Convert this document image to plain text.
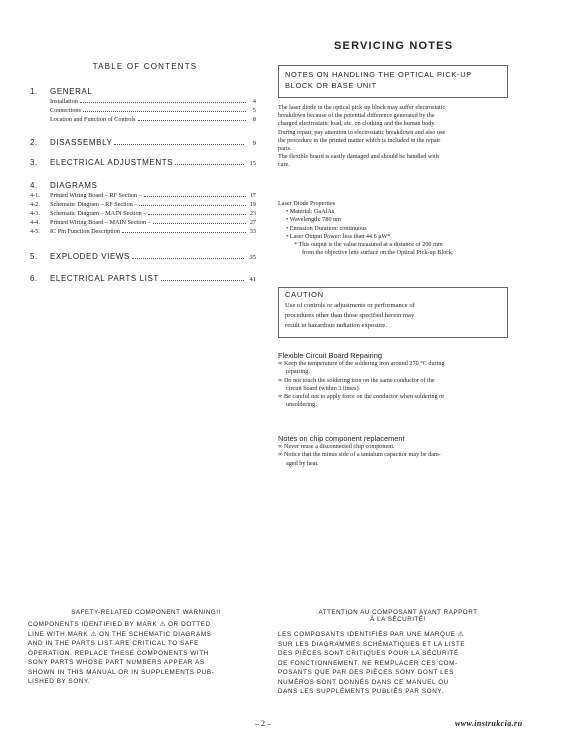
TABLE OF CONTENTS
1. GENERAL
Installation	4
Connections	5
Location and Function of Controls	8
2.	DISASSEMBLY	9
3.	ELECTRICAL ADJUSTMENTS	15
4. DIAGRAMS
4-1.	Printed Wiring Board – RF Section –	17
4-2.	Schematic Diagram – RF Section –	19
4-3.	Schematic Diagram – MAIN Section –	23
4-4.	Printed Wiring Board – MAIN Section –	27
4-5.	IC Pin Function Description	33
5.	EXPLODED VIEWS	35
6.	ELECTRICAL PARTS LIST	41
SERVICING NOTES
NOTES ON HANDLING THE OPTICAL PICK-UP BLOCK OR BASE UNIT
The laser diode in the optical pick-up block may suffer electrostatic
breakdown because of the potential difference generated by the
charged electrostatic load, etc. on clothing and the human body.
During repair, pay attention to electrostatic breakdown and also use
the procedure in the printed matter which is included in the repair
parts.
The flexible board is easily damaged and should be handled with
care.
Laser Diode Properties
• Material: GaAlAs
• Wavelength: 780 nm
• Emission Duration: continuous
• Laser Output Power: less than 44.6 μW*
* This output is the value measured at a distance of 200 mm
from the objective lens surface on the Optical Pick-up Block.
CAUTION
Use of controls or adjustments or performance of
procedures other than those specified herein may
result in hazardous radiation exposure.
Flexible Circuit Board Repairing
∞ Keep the temperature of the soldering iron around 270 °C during
repairing.
∞ Do not touch the soldering iron on the same conductor of the
circuit board (within 3 times).
∞ Be careful not to apply force on the conductor when soldering or
unsoldering.
Notes on chip component replacement
∞ Never reuse a disconnected chip component.
∞ Notice that the minus side of a tantalum capacitor may be dam-
aged by heat.
SAFETY-RELATED COMPONENT WARNING!!
COMPONENTS IDENTIFIED BY MARK ⚠ OR DOTTED
LINE WITH MARK ⚠ ON THE SCHEMATIC DIAGRAMS
AND IN THE PARTS LIST ARE CRITICAL TO SAFE
OPERATION. REPLACE THESE COMPONENTS WITH
SONY PARTS WHOSE PART NUMBERS APPEAR AS
SHOWN IN THIS MANUAL OR IN SUPPLEMENTS PUB-
LISHED BY SONY.
ATTENTION AU COMPOSANT AYANT RAPPORT
À LA SÉCURITÉ!
LES COMPOSANTS IDENTIFIÉS PAR UNE MARQUE ⚠
SUR LES DIAGRAMMES SCHÉMATIQUES ET LA LISTE
DES PIÈCES SONT CRITIQUES POUR LA SÉCURITÉ
DE FONCTIONNEMENT. NE REMPLACER CES COM-
POSANTS QUE PAR DES PIÈCES SONY DONT LES
NUMÉROS SONT DONNÉS DANS CE MANUEL OU
DANS LES SUPPLÉMENTS PUBLIÉS PAR SONY.
– 2 –	www.instrukcia.ru
